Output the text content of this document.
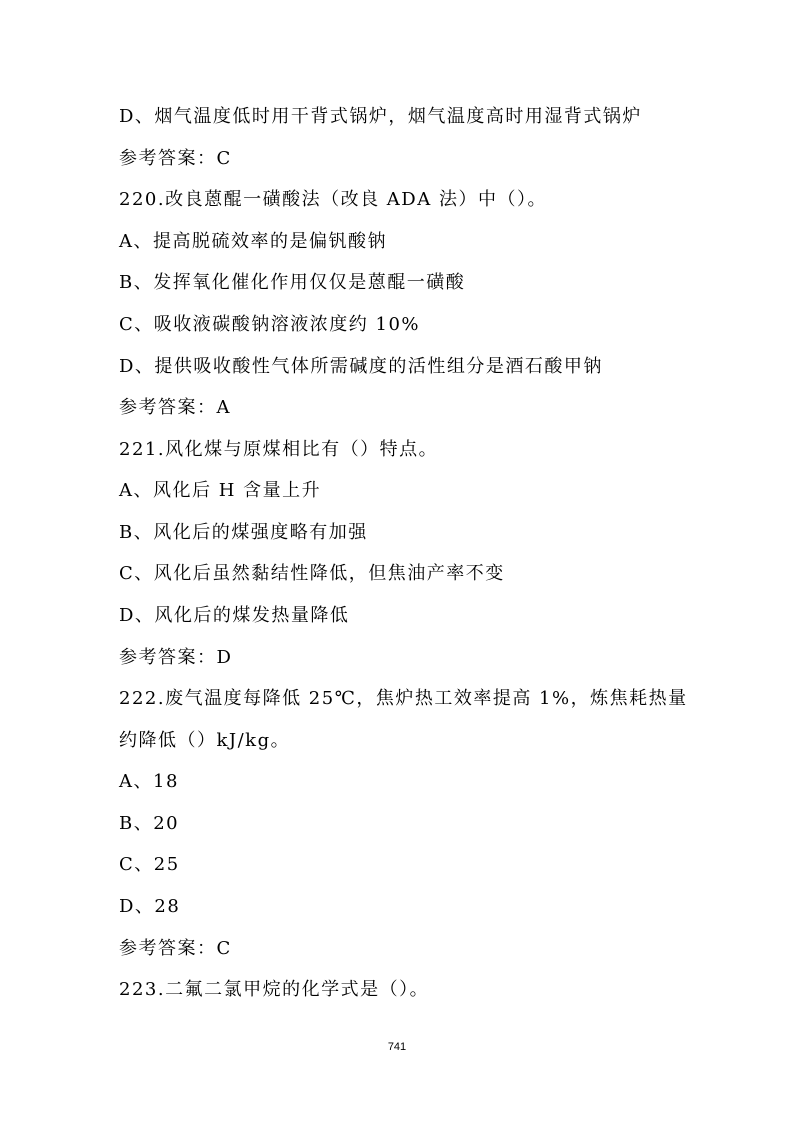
D、烟气温度低时用干背式锅炉，烟气温度高时用湿背式锅炉
参考答案：C
220.改良蒽醌一磺酸法（改良 ADA 法）中（）。
A、提高脱硫效率的是偏钒酸钠
B、发挥氧化催化作用仅仅是蒽醌一磺酸
C、吸收液碳酸钠溶液浓度约 10%
D、提供吸收酸性气体所需碱度的活性组分是酒石酸甲钠
参考答案：A
221.风化煤与原煤相比有（）特点。
A、风化后 H 含量上升
B、风化后的煤强度略有加强
C、风化后虽然黏结性降低，但焦油产率不变
D、风化后的煤发热量降低
参考答案：D
222.废气温度每降低 25℃，焦炉热工效率提高 1%，炼焦耗热量
约降低（）kJ/kg。
A、18
B、20
C、25
D、28
参考答案：C
223.二氟二氯甲烷的化学式是（）。
741
